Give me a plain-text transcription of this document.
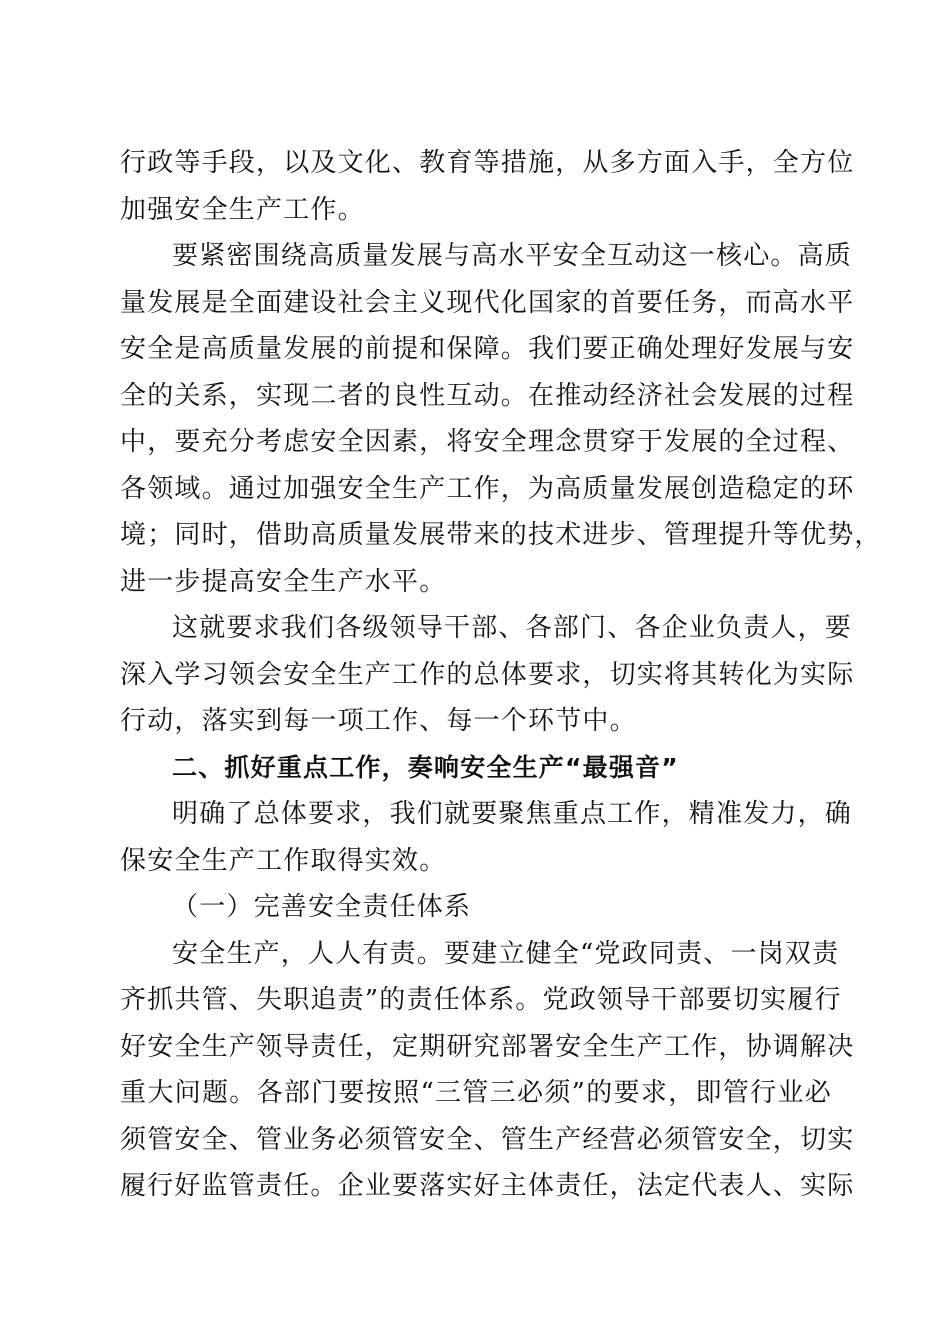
行政等手段，以及文化、教育等措施，从多方面入手，全方位
加强安全生产工作。
要紧密围绕高质量发展与高水平安全互动这一核心。高质
量发展是全面建设社会主义现代化国家的首要任务，而高水平
安全是高质量发展的前提和保障。我们要正确处理好发展与安
全的关系，实现二者的良性互动。在推动经济社会发展的过程
中，要充分考虑安全因素，将安全理念贯穿于发展的全过程、
各领域。通过加强安全生产工作，为高质量发展创造稳定的环
境；同时，借助高质量发展带来的技术进步、管理提升等优势，
进一步提高安全生产水平。
这就要求我们各级领导干部、各部门、各企业负责人，要
深入学习领会安全生产工作的总体要求，切实将其转化为实际
行动，落实到每一项工作、每一个环节中。
二、抓好重点工作，奏响安全生产“最强音”
明确了总体要求，我们就要聚焦重点工作，精准发力，确
保安全生产工作取得实效。
（一）完善安全责任体系
安全生产，人人有责。要建立健全“党政同责、一岗双责
齐抓共管、失职追责”的责任体系。党政领导干部要切实履行
好安全生产领导责任，定期研究部署安全生产工作，协调解决
重大问题。各部门要按照“三管三必须”的要求，即管行业必
须管安全、管业务必须管安全、管生产经营必须管安全，切实
履行好监管责任。企业要落实好主体责任，法定代表人、实际
